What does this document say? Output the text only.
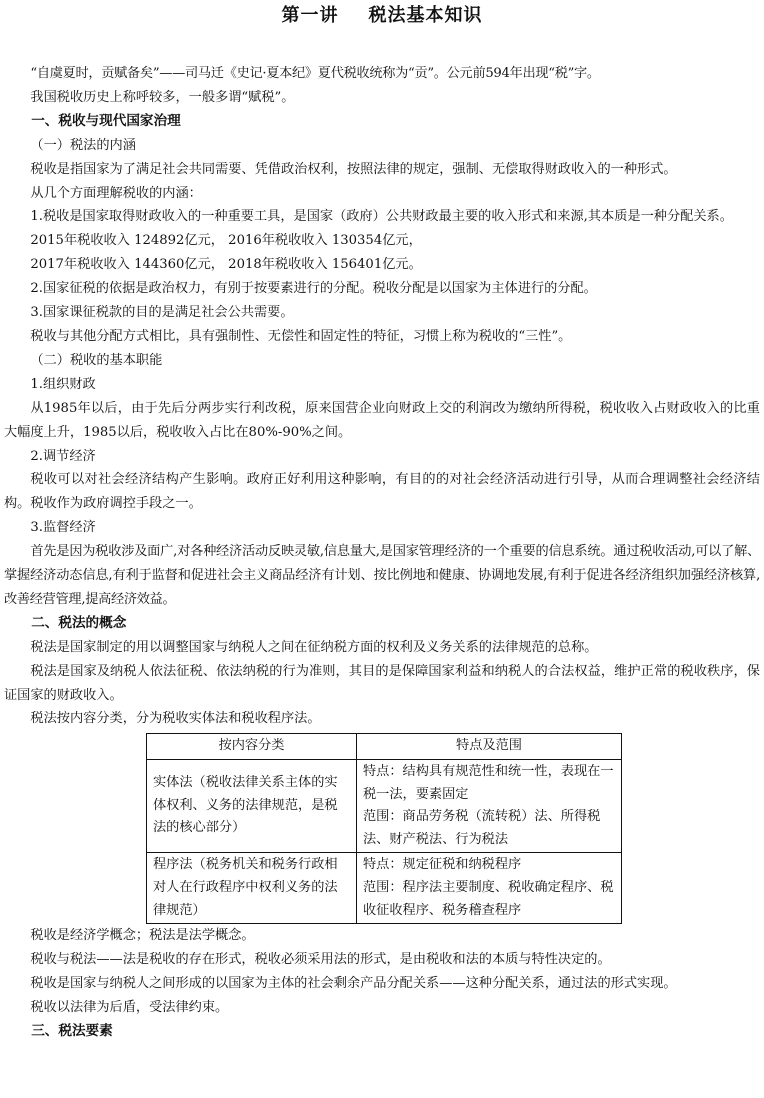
第一讲 税法基本知识

“自虞夏时，贡赋备矣”——司马迁《史记·夏本纪》夏代税收统称为“贡”。公元前594年出现“税”字。

我国税收历史上称呼较多，一般多谓“赋税”。

一、税收与现代国家治理

（一）税法的内涵

税收是指国家为了满足社会共同需要、凭借政治权利，按照法律的规定，强制、无偿取得财政收入的一种形式。

从几个方面理解税收的内涵：

1.税收是国家取得财政收入的一种重要工具，是国家（政府）公共财政最主要的收入形式和来源,其本质是一种分配关系。

2015年税收收入 124892亿元， 2016年税收收入 130354亿元，

2017年税收收入 144360亿元， 2018年税收收入 156401亿元。

2.国家征税的依据是政治权力，有别于按要素进行的分配。税收分配是以国家为主体进行的分配。

3.国家课征税款的目的是满足社会公共需要。

税收与其他分配方式相比，具有强制性、无偿性和固定性的特征，习惯上称为税收的“三性”。

（二）税收的基本职能

1.组织财政

从1985年以后，由于先后分两步实行利改税，原来国营企业向财政上交的利润改为缴纳所得税，税收收入占财政收入的比重大幅度上升，1985以后，税收收入占比在80%-90%之间。

2.调节经济

税收可以对社会经济结构产生影响。政府正好利用这种影响，有目的的对社会经济活动进行引导，从而合理调整社会经济结构。税收作为政府调控手段之一。

3.监督经济

首先是因为税收涉及面广,对各种经济活动反映灵敏,信息量大,是国家管理经济的一个重要的信息系统。通过税收活动,可以了解、掌握经济动态信息,有利于监督和促进社会主义商品经济有计划、按比例地和健康、协调地发展,有利于促进各经济组织加强经济核算,改善经营管理,提高经济效益。

二、税法的概念

税法是国家制定的用以调整国家与纳税人之间在征纳税方面的权利及义务关系的法律规范的总称。

税法是国家及纳税人依法征税、依法纳税的行为准则，其目的是保障国家利益和纳税人的合法权益，维护正常的税收秩序，保证国家的财政收入。

税法按内容分类，分为税收实体法和税收程序法。

按内容分类	特点及范围
实体法（税收法律关系主体的实体权利、义务的法律规范，是税法的核心部分）	特点：结构具有规范性和统一性，表现在一税一法，要素固定
范围：商品劳务税（流转税）法、所得税法、财产税法、行为税法

程序法（税务机关和税务行政相对人在行政程序中权利义务的法律规范）	特点：规定征税和纳税程序
范围：程序法主要制度、税收确定程序、税收征收程序、税务稽查程序

税收是经济学概念；税法是法学概念。

税收与税法——法是税收的存在形式，税收必须采用法的形式，是由税收和法的本质与特性决定的。

税收是国家与纳税人之间形成的以国家为主体的社会剩余产品分配关系——这种分配关系，通过法的形式实现。

税收以法律为后盾，受法律约束。

三、税法要素
